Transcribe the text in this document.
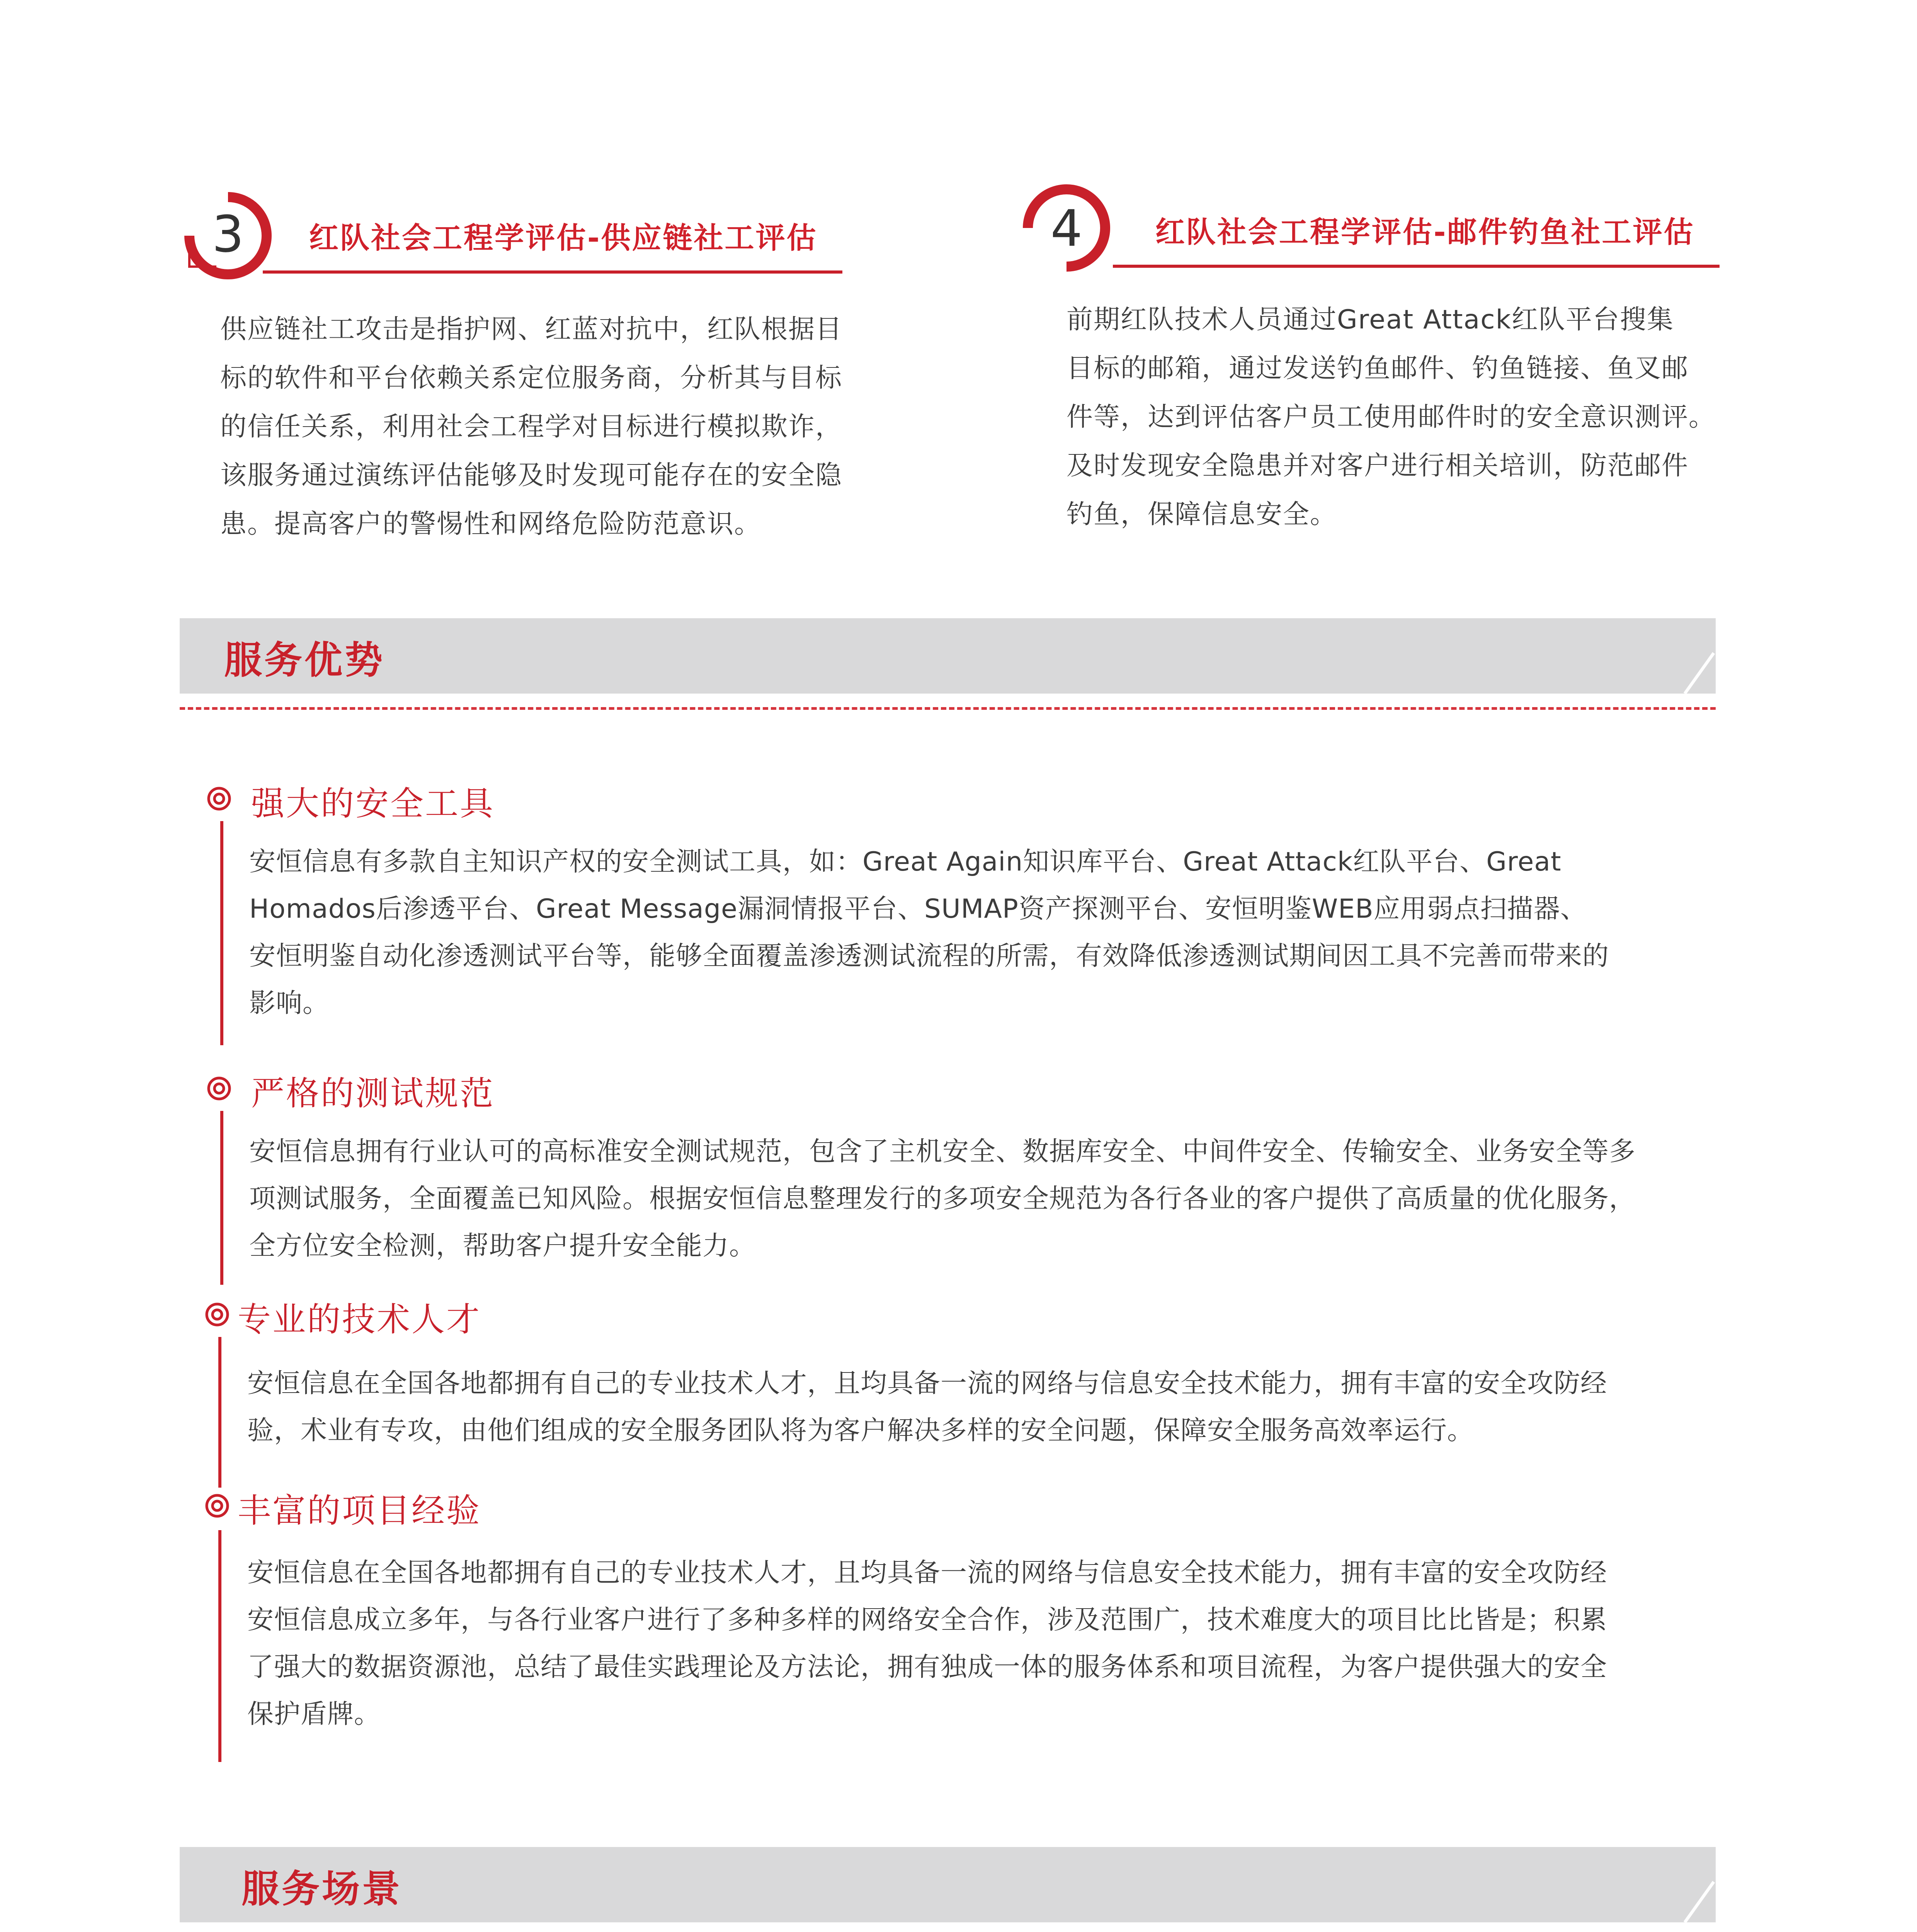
3	红队社会工程学评估-供应链社工评估
供应链社工攻击是指护网、红蓝对抗中，红队根据目
标的软件和平台依赖关系定位服务商，分析其与目标
的信任关系，利用社会工程学对目标进行模拟欺诈，
该服务通过演练评估能够及时发现可能存在的安全隐
患。提高客户的警惕性和网络危险防范意识。
4	红队社会工程学评估-邮件钓鱼社工评估
前期红队技术人员通过Great Attack红队平台搜集
目标的邮箱，通过发送钓鱼邮件、钓鱼链接、鱼叉邮
件等，达到评估客户员工使用邮件时的安全意识测评。
及时发现安全隐患并对客户进行相关培训，防范邮件
钓鱼，保障信息安全。
服务优势
强大的安全工具
安恒信息有多款自主知识产权的安全测试工具，如：Great Again知识库平台、Great Attack红队平台、Great
Homados后渗透平台、Great Message漏洞情报平台、SUMAP资产探测平台、安恒明鉴WEB应用弱点扫描器、
安恒明鉴自动化渗透测试平台等，能够全面覆盖渗透测试流程的所需，有效降低渗透测试期间因工具不完善而带来的
影响。
严格的测试规范
安恒信息拥有行业认可的高标准安全测试规范，包含了主机安全、数据库安全、中间件安全、传输安全、业务安全等多
项测试服务，全面覆盖已知风险。根据安恒信息整理发行的多项安全规范为各行各业的客户提供了高质量的优化服务，
全方位安全检测，帮助客户提升安全能力。
专业的技术人才
安恒信息在全国各地都拥有自己的专业技术人才，且均具备一流的网络与信息安全技术能力，拥有丰富的安全攻防经
验，术业有专攻，由他们组成的安全服务团队将为客户解决多样的安全问题，保障安全服务高效率运行。
丰富的项目经验
安恒信息在全国各地都拥有自己的专业技术人才，且均具备一流的网络与信息安全技术能力，拥有丰富的安全攻防经
安恒信息成立多年，与各行业客户进行了多种多样的网络安全合作，涉及范围广，技术难度大的项目比比皆是；积累
了强大的数据资源池，总结了最佳实践理论及方法论，拥有独成一体的服务体系和项目流程，为客户提供强大的安全
保护盾牌。
服务场景
